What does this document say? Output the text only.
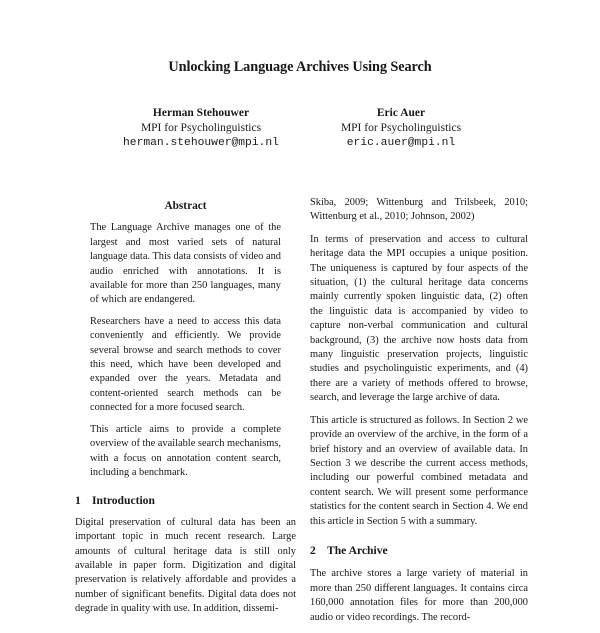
Unlocking Language Archives Using Search
Herman Stehouwer
MPI for Psycholinguistics
herman.stehouwer@mpi.nl
Eric Auer
MPI for Psycholinguistics
eric.auer@mpi.nl
Abstract

The Language Archive manages one of the largest and most varied sets of natural language data. This data consists of video and audio enriched with annotations. It is available for more than 250 languages, many of which are endangered.

Researchers have a need to access this data conveniently and efficiently. We provide several browse and search methods to cover this need, which have been developed and expanded over the years. Metadata and content-oriented search methods can be connected for a more focused search.

This article aims to provide a complete overview of the available search mechanisms, with a focus on annotation content search, including a benchmark.

1 Introduction

Digital preservation of cultural data has been an important topic in much recent research. Large amounts of cultural heritage data is still only available in paper form. Digitization and digital preservation is relatively affordable and provides a number of significant benefits. Digital data does not degrade in quality with use. In addition, dissemi-

Skiba, 2009; Wittenburg and Trilsbeek, 2010; Wittenburg et al., 2010; Johnson, 2002)

In terms of preservation and access to cultural heritage data the MPI occupies a unique position. The uniqueness is captured by four aspects of the situation, (1) the cultural heritage data concerns mainly currently spoken linguistic data, (2) often the linguistic data is accompanied by video to capture non-verbal communication and cultural background, (3) the archive now hosts data from many linguistic preservation projects, linguistic studies and psycholinguistic experiments, and (4) there are a variety of methods offered to browse, search, and leverage the large archive of data.

This article is structured as follows. In Section 2 we provide an overview of the archive, in the form of a brief history and an overview of available data. In Section 3 we describe the current access methods, including our powerful combined metadata and content search. We will present some performance statistics for the content search in Section 4. We end this article in Section 5 with a summary.

2 The Archive

The archive stores a large variety of material in more than 250 different languages. It contains circa 160,000 annotation files for more than 200,000 audio or video recordings. The record-
